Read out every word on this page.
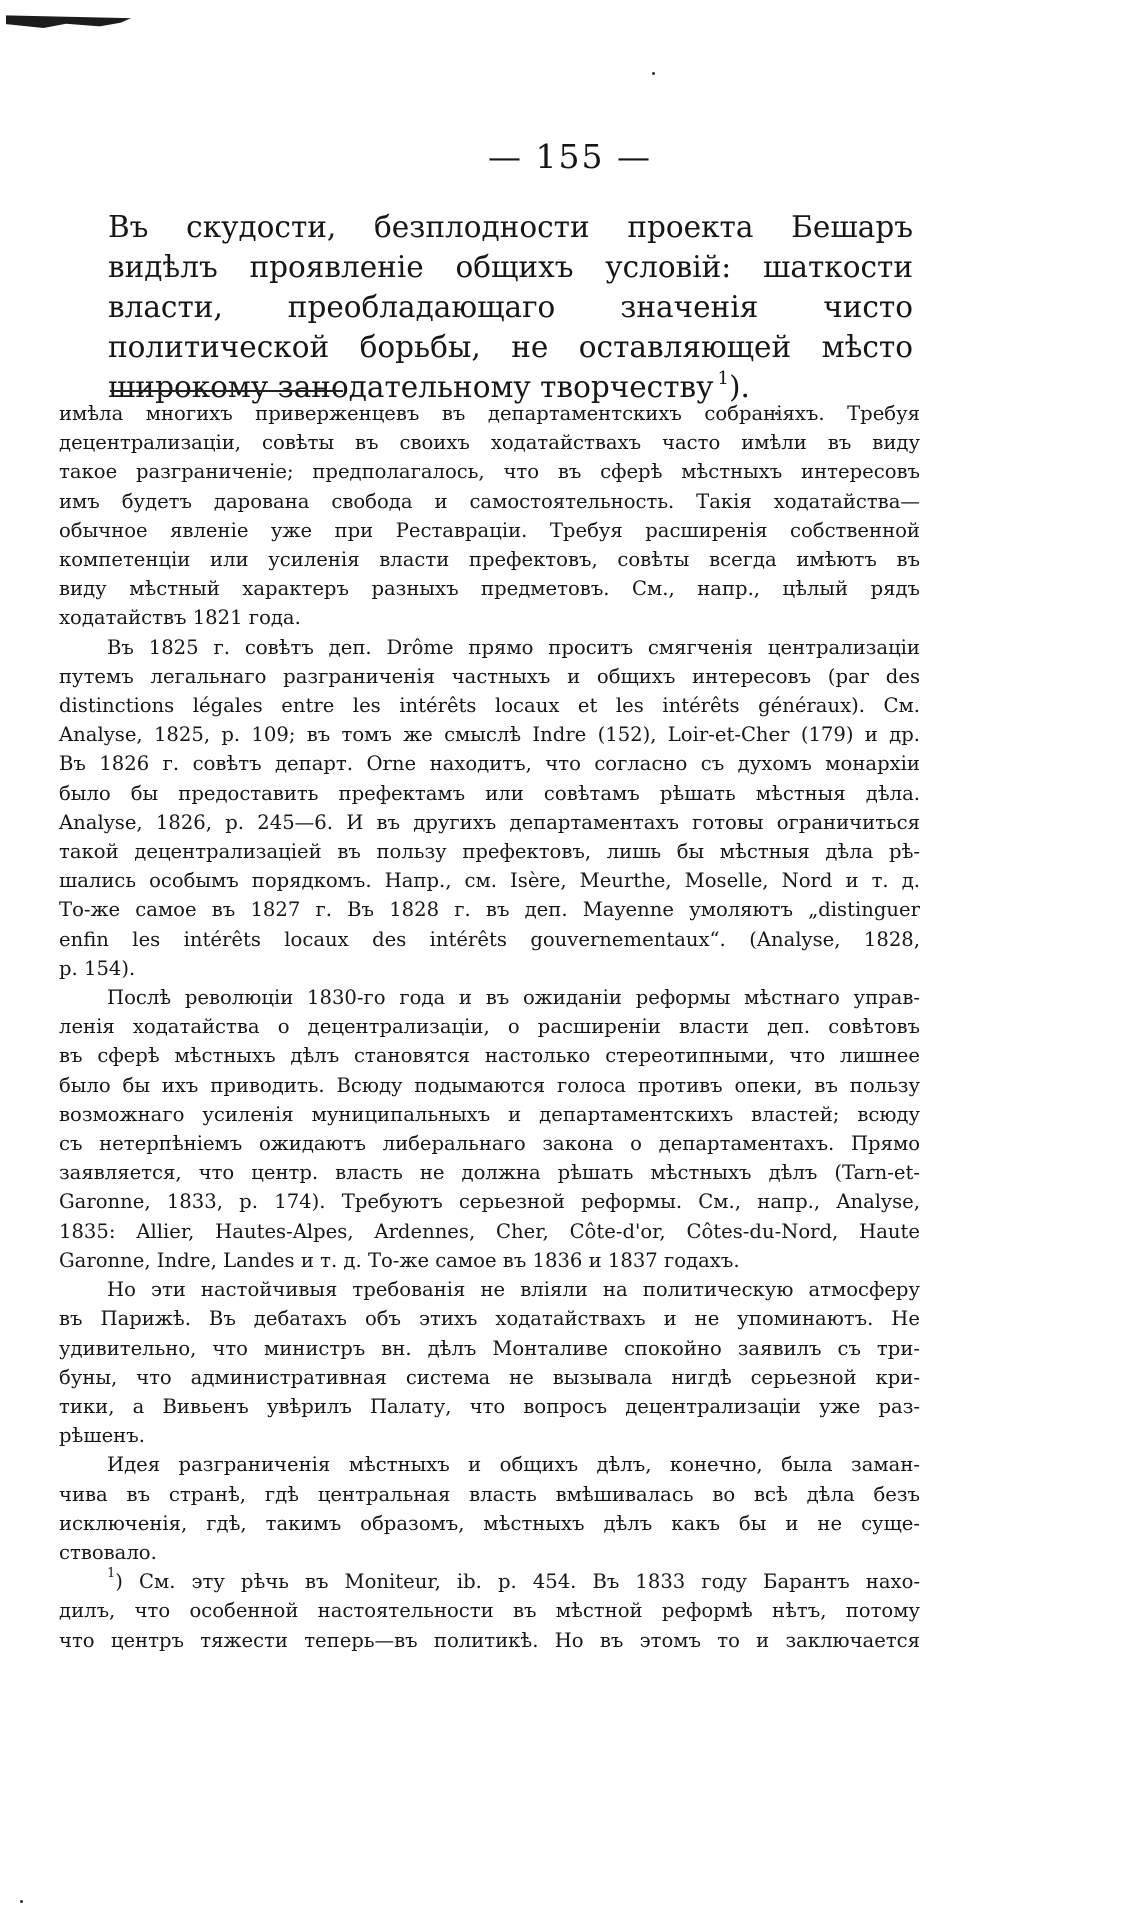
— 155 —
Въ скудости, безплодности проекта Бешаръ видѣлъ проявленіе общихъ условій: шаткости власти, преобладающаго значенія чисто политической борьбы, не оставляющей мѣсто широкому занодательному творчеству $^1$).

имѣла многихъ приверженцевъ въ департаментскихъ собраніяхъ. Требуя

децентрализаціи, совѣты въ своихъ ходатайствахъ часто имѣли въ виду

такое разграниченіе; предполагалось, что въ сферѣ мѣстныхъ интересовъ

имъ будетъ дарована свобода и самостоятельность. Такія ходатайства—

обычное явленіе уже при Реставраціи. Требуя расширенія собственной

компетенціи или усиленія власти префектовъ, совѣты всегда имѣютъ въ

виду мѣстный характеръ разныхъ предметовъ. См., напр., цѣлый рядъ

ходатайствъ 1821 года.

Въ 1825 г. совѣтъ деп. Drôme прямо проситъ смягченія централизаціи

путемъ легальнаго разграниченія частныхъ и общихъ интересовъ (par des

distinctions légales entre les intérêts locaux et les intérêts généraux). См.

Analyse, 1825, p. 109; въ томъ же смыслѣ Indre (152), Loir-et-Cher (179) и др.

Въ 1826 г. совѣтъ департ. Orne находитъ, что согласно съ духомъ монархіи

было бы предоставить префектамъ или совѣтамъ рѣшать мѣстныя дѣла.

Analyse, 1826, p. 245—6. И въ другихъ департаментахъ готовы ограничиться

такой децентрализаціей въ пользу префектовъ, лишь бы мѣстныя дѣла рѣ-

шались особымъ порядкомъ. Напр., см. Isère, Meurthe, Moselle, Nord и т. д.

То-же самое въ 1827 г. Въ 1828 г. въ деп. Mayenne умоляютъ „distinguer

enfin les intérêts locaux des intérêts gouvernementaux“. (Analyse, 1828,

p. 154).

Послѣ революціи 1830-го года и въ ожиданіи реформы мѣстнаго управ-

ленія ходатайства о децентрализаціи, о расширеніи власти деп. совѣтовъ

въ сферѣ мѣстныхъ дѣлъ становятся настолько стереотипными, что лишнее

было бы ихъ приводить. Всюду подымаются голоса противъ опеки, въ пользу

возможнаго усиленія муниципальныхъ и департаментскихъ властей; всюду

съ нетерпѣніемъ ожидаютъ либеральнаго закона о департаментахъ. Прямо

заявляется, что центр. власть не должна рѣшать мѣстныхъ дѣлъ (Tarn-et-

Garonne, 1833, p. 174). Требуютъ серьезной реформы. См., напр., Analyse,

1835: Allier, Hautes-Alpes, Ardennes, Cher, Côte-d'or, Côtes-du-Nord, Haute

Garonne, Indre, Landes и т. д. То-же самое въ 1836 и 1837 годахъ.

Но эти настойчивыя требованія не вліяли на политическую атмосферу

въ Парижѣ. Въ дебатахъ объ этихъ ходатайствахъ и не упоминаютъ. Не

удивительно, что министръ вн. дѣлъ Монталиве спокойно заявилъ съ три-

буны, что административная система не вызывала нигдѣ серьезной кри-

тики, а Вивьенъ увѣрилъ Палату, что вопросъ децентрализаціи уже раз-

рѣшенъ.

Идея разграниченія мѣстныхъ и общихъ дѣлъ, конечно, была заман-

чива въ странѣ, гдѣ центральная власть вмѣшивалась во всѣ дѣла безъ

исключенія, гдѣ, такимъ образомъ, мѣстныхъ дѣлъ какъ бы и не суще-

ствовало.

$^1$) См. эту рѣчь въ Moniteur, ib. p. 454. Въ 1833 году Барантъ нахо-

дилъ, что особенной настоятельности въ мѣстной реформѣ нѣтъ, потому

что центръ тяжести теперь—въ политикѣ. Но въ этомъ то и заключается
